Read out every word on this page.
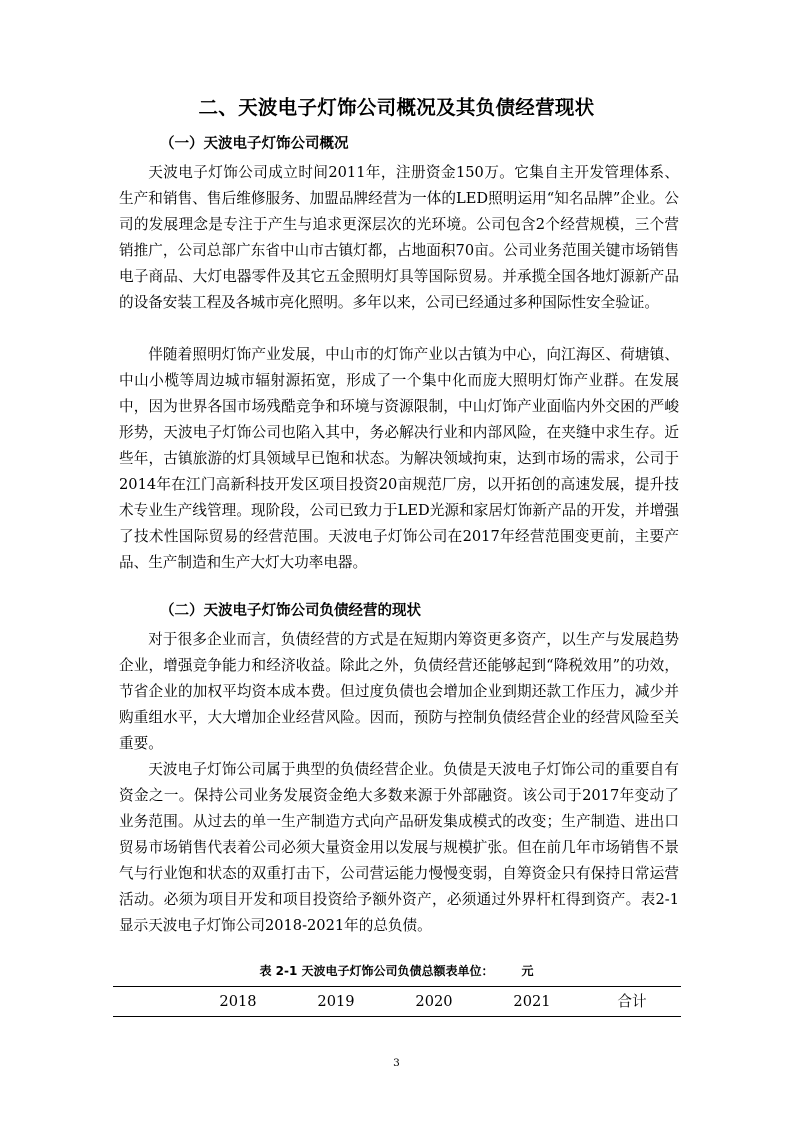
二、天波电子灯饰公司概况及其负债经营现状
（一）天波电子灯饰公司概况

天波电子灯饰公司成立时间2011年，注册资金150万。它集自主开发管理体系、生产和销售、售后维修服务、加盟品牌经营为一体的LED照明运用“知名品牌”企业。公司的发展理念是专注于产生与追求更深层次的光环境。公司包含2个经营规模，三个营销推广，公司总部广东省中山市古镇灯都，占地面积70亩。公司业务范围关键市场销售电子商品、大灯电器零件及其它五金照明灯具等国际贸易。并承揽全国各地灯源新产品的设备安装工程及各城市亮化照明。多年以来，公司已经通过多种国际性安全验证。

伴随着照明灯饰产业发展，中山市的灯饰产业以古镇为中心，向江海区、荷塘镇、中山小榄等周边城市辐射源拓宽，形成了一个集中化而庞大照明灯饰产业群。在发展中，因为世界各国市场残酷竞争和环境与资源限制，中山灯饰产业面临内外交困的严峻形势，天波电子灯饰公司也陷入其中，务必解决行业和内部风险，在夹缝中求生存。近些年，古镇旅游的灯具领域早已饱和状态。为解决领域拘束，达到市场的需求，公司于2014年在江门高新科技开发区项目投资20亩规范厂房，以开拓创的高速发展，提升技术专业生产线管理。现阶段，公司已致力于LED光源和家居灯饰新产品的开发，并增强了技术性国际贸易的经营范围。天波电子灯饰公司在2017年经营范围变更前，主要产品、生产制造和生产大灯大功率电器。

（二）天波电子灯饰公司负债经营的现状

对于很多企业而言，负债经营的方式是在短期内筹资更多资产，以生产与发展趋势企业，增强竞争能力和经济收益。除此之外，负债经营还能够起到“降税效用”的功效，节省企业的加权平均资本成本费。但过度负债也会增加企业到期还款工作压力，减少并购重组水平，大大增加企业经营风险。因而，预防与控制负债经营企业的经营风险至关重要。

天波电子灯饰公司属于典型的负债经营企业。负债是天波电子灯饰公司的重要自有资金之一。保持公司业务发展资金绝大多数来源于外部融资。该公司于2017年变动了业务范围。从过去的单一生产制造方式向产品研发集成模式的改变；生产制造、进出口贸易市场销售代表着公司必须大量资金用以发展与规模扩张。但在前几年市场销售不景气与行业饱和状态的双重打击下，公司营运能力慢慢变弱，自筹资金只有保持日常运营活动。必须为项目开发和项目投资给予额外资产，必须通过外界杆杠得到资产。表2-1显示天波电子灯饰公司2018-2021年的总负债。

表 2-1 天波电子灯饰公司负债总额表单位： 元
2018	2019	2020	2021	合计
3
